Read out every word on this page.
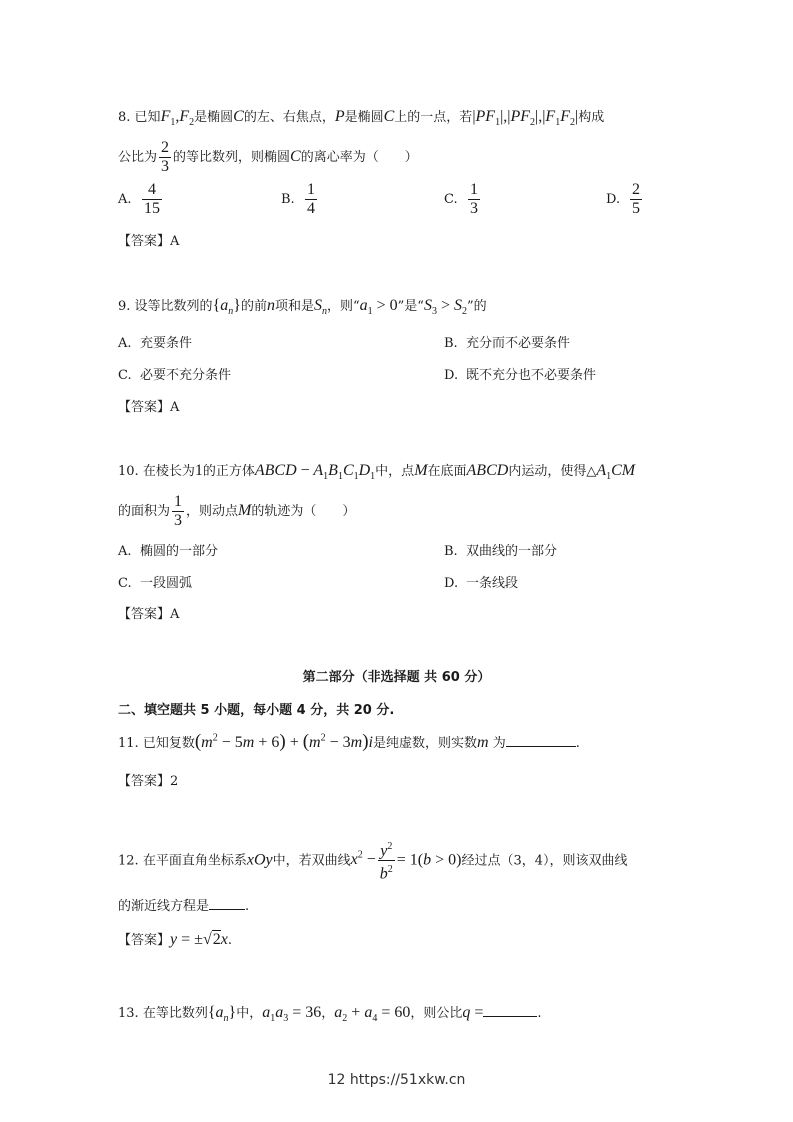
8. 已知$F_1,F_2$是椭圆C的左、右焦点，P是椭圆C上的一点，若$|PF_1|,|PF_2|,|F_1F_2|$构成
公比为 $\frac{2}{3}$ 的等比数列，则椭圆C的离心率为（　　）
A. $\frac{4}{15}$	B. $\frac{1}{4}$	C. $\frac{1}{3}$	D. $\frac{2}{5}$
【答案】A
9. 设等比数列的$\{a_n\}$的前n项和是$S_n$，则“$a_1 > 0$”是“$S_3 > S_2$”的
A. 充要条件	B. 充分而不必要条件
C. 必要不充分条件	D. 既不充分也不必要条件
【答案】A
10. 在棱长为1的正方体ABCD − $A_1B_1C_1D_1$中，点M在底面ABCD内运动，使得$\triangle A_1CM$
的面积为 $\frac{1}{3}$ ，则动点M的轨迹为（　　）
A. 椭圆的一部分	B. 双曲线的一部分
C. 一段圆弧	D. 一条线段
【答案】A
第二部分（非选择题 共 60 分）
二、填空题共 5 小题，每小题 4 分，共 20 分.
11. 已知复数$(m^2 - 5m + 6) + (m^2 - 3m)i$是纯虚数，则实数m 为	.
【答案】2
12. 在平面直角坐标系xOy中，若双曲线$x^2 - \frac{y^2}{b^2} = 1(b > 0)$经过点（3，4），则该双曲线
的渐近线方程是	.
【答案】y = ±√2x.
13. 在等比数列$\{a_n\}$中，$a_1a_3 = 36$，$a_2 + a_4 = 60$，则公比q =	.
12 https://51xkw.cn
